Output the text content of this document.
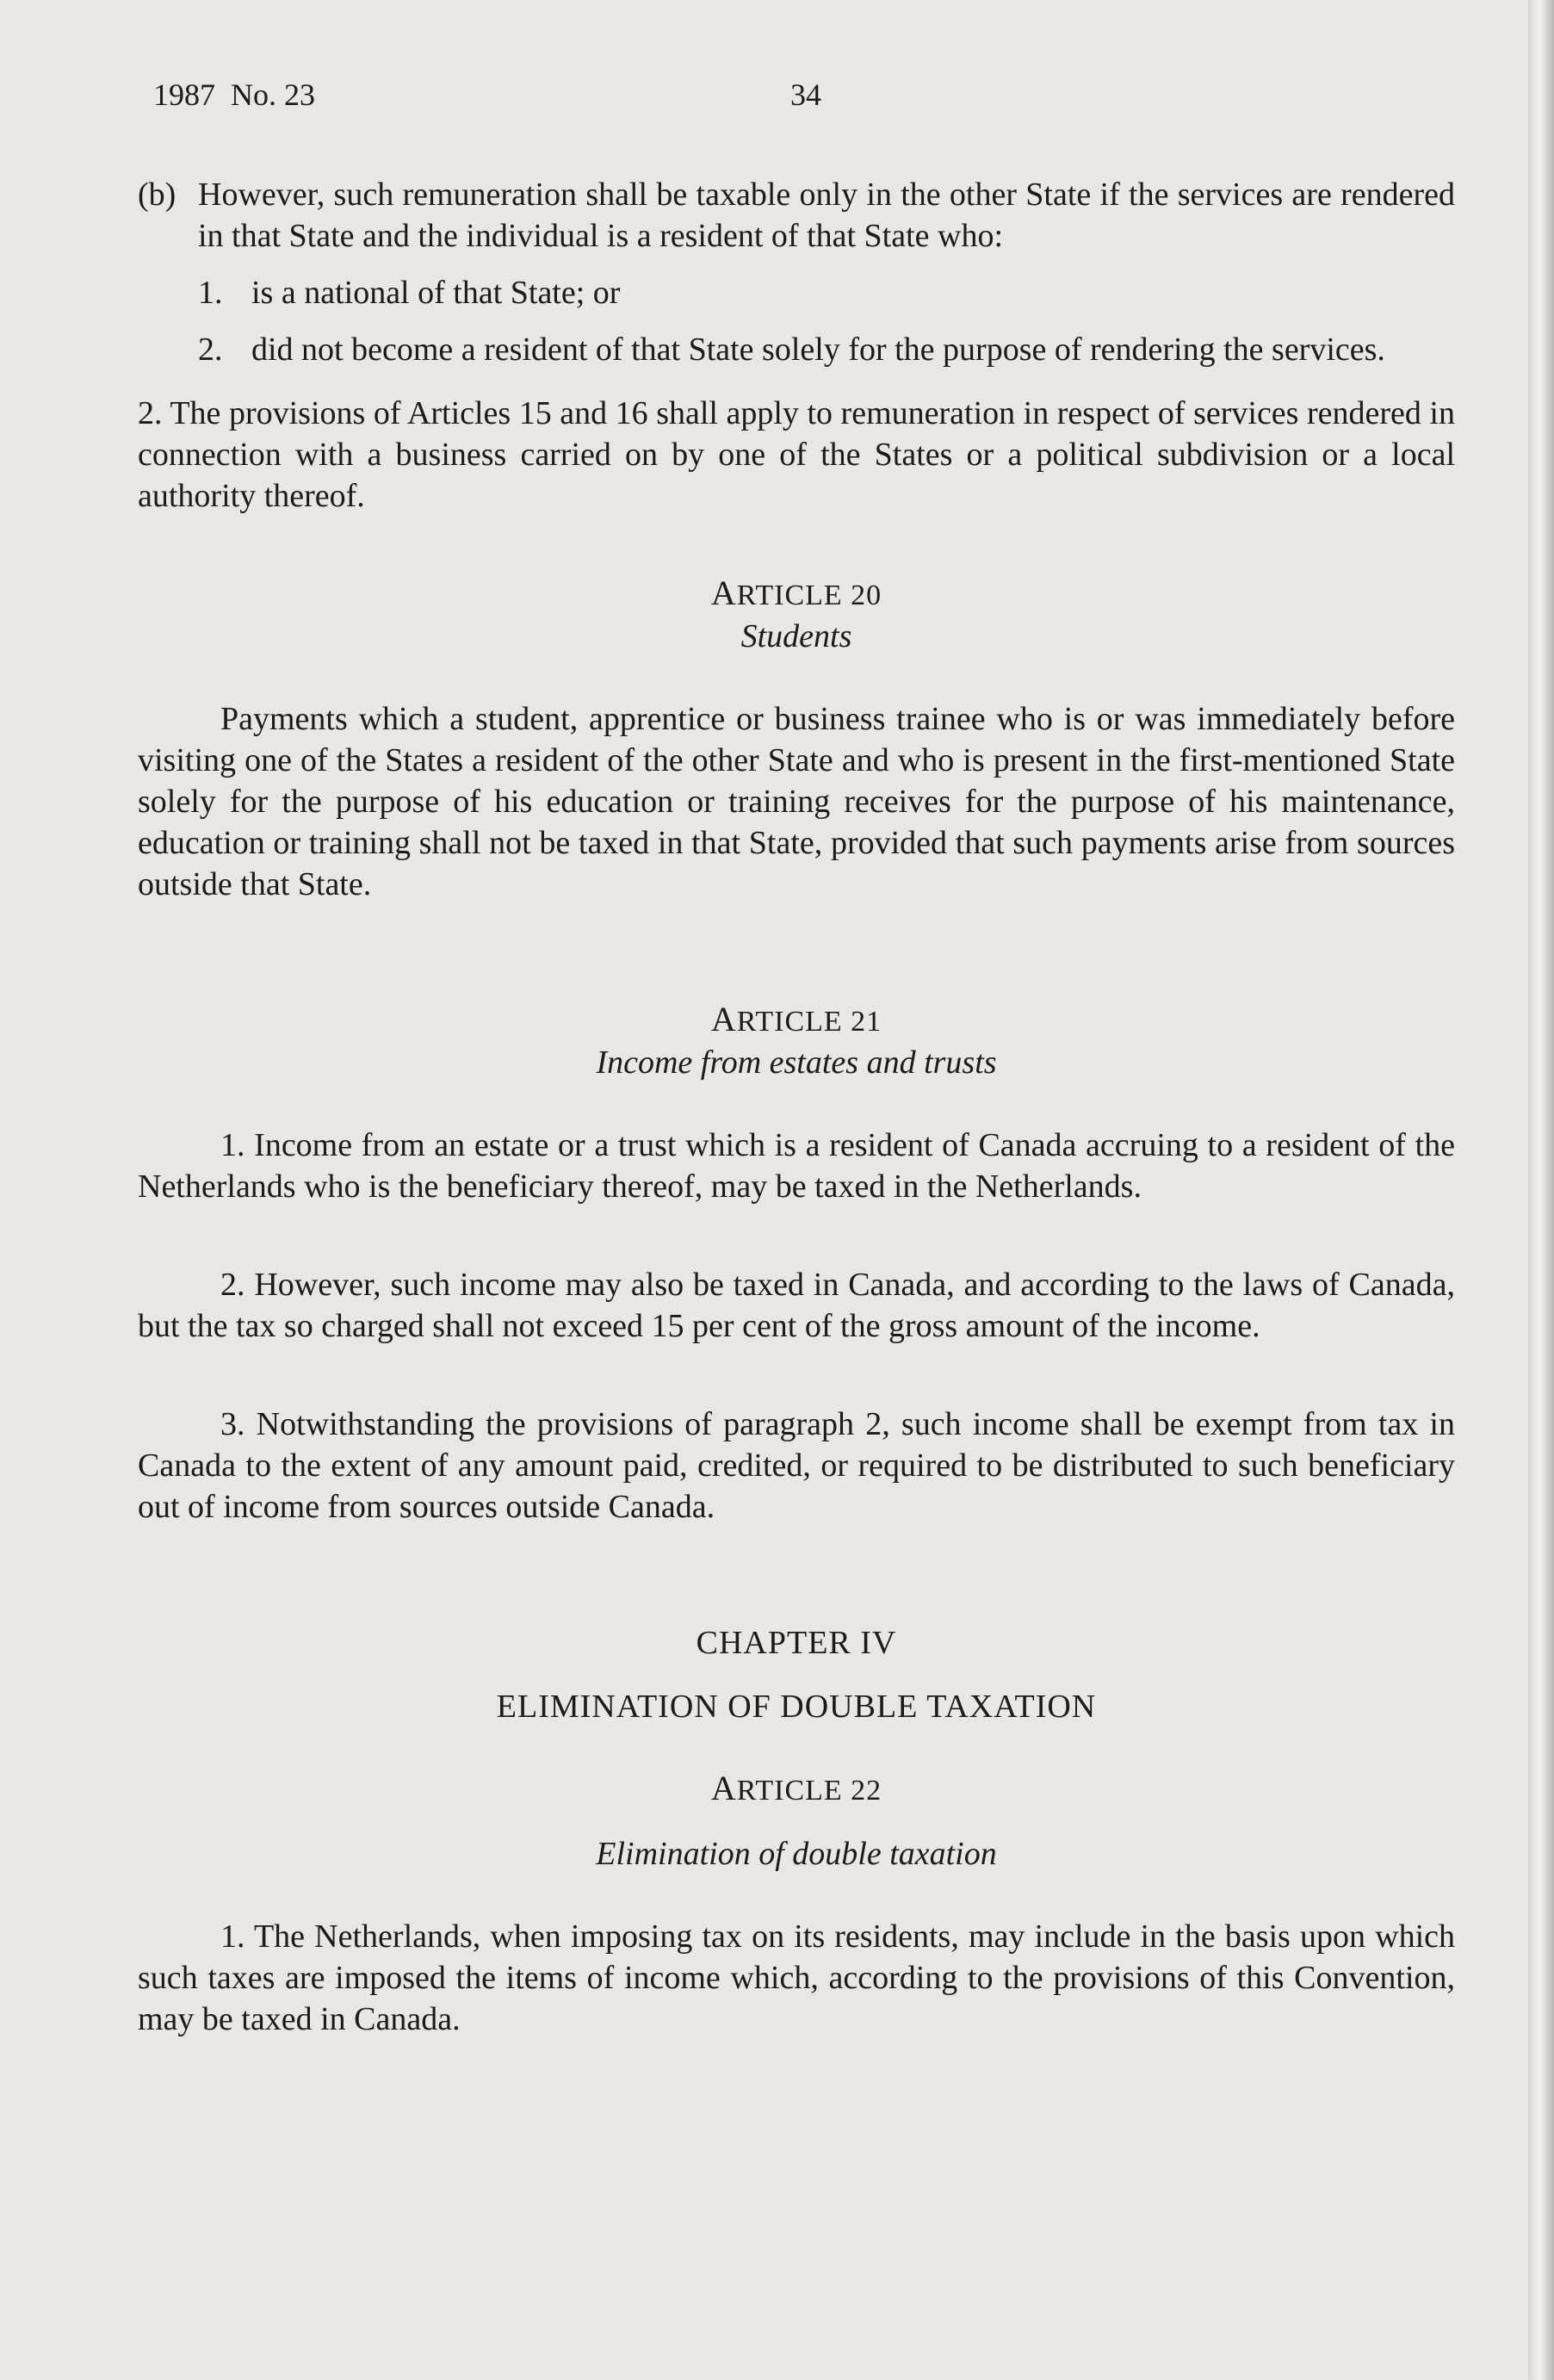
1987 No. 23	34
(b) However, such remuneration shall be taxable only in the other State if the services are rendered in that State and the individual is a resident of that State who:

1. is a national of that State; or

2. did not become a resident of that State solely for the purpose of rendering the services.

2. The provisions of Articles 15 and 16 shall apply to remuneration in respect of services rendered in connection with a business carried on by one of the States or a political subdivision or a local authority thereof.

ARTICLE 20
Students

Payments which a student, apprentice or business trainee who is or was immediately before visiting one of the States a resident of the other State and who is present in the first-mentioned State solely for the purpose of his education or training receives for the purpose of his maintenance, education or training shall not be taxed in that State, provided that such payments arise from sources outside that State.

ARTICLE 21
Income from estates and trusts

1. Income from an estate or a trust which is a resident of Canada accruing to a resident of the Netherlands who is the beneficiary thereof, may be taxed in the Netherlands.

2. However, such income may also be taxed in Canada, and according to the laws of Canada, but the tax so charged shall not exceed 15 per cent of the gross amount of the income.

3. Notwithstanding the provisions of paragraph 2, such income shall be exempt from tax in Canada to the extent of any amount paid, credited, or required to be distributed to such beneficiary out of income from sources outside Canada.

CHAPTER IV
ELIMINATION OF DOUBLE TAXATION
ARTICLE 22
Elimination of double taxation

1. The Netherlands, when imposing tax on its residents, may include in the basis upon which such taxes are imposed the items of income which, according to the provisions of this Convention, may be taxed in Canada.
